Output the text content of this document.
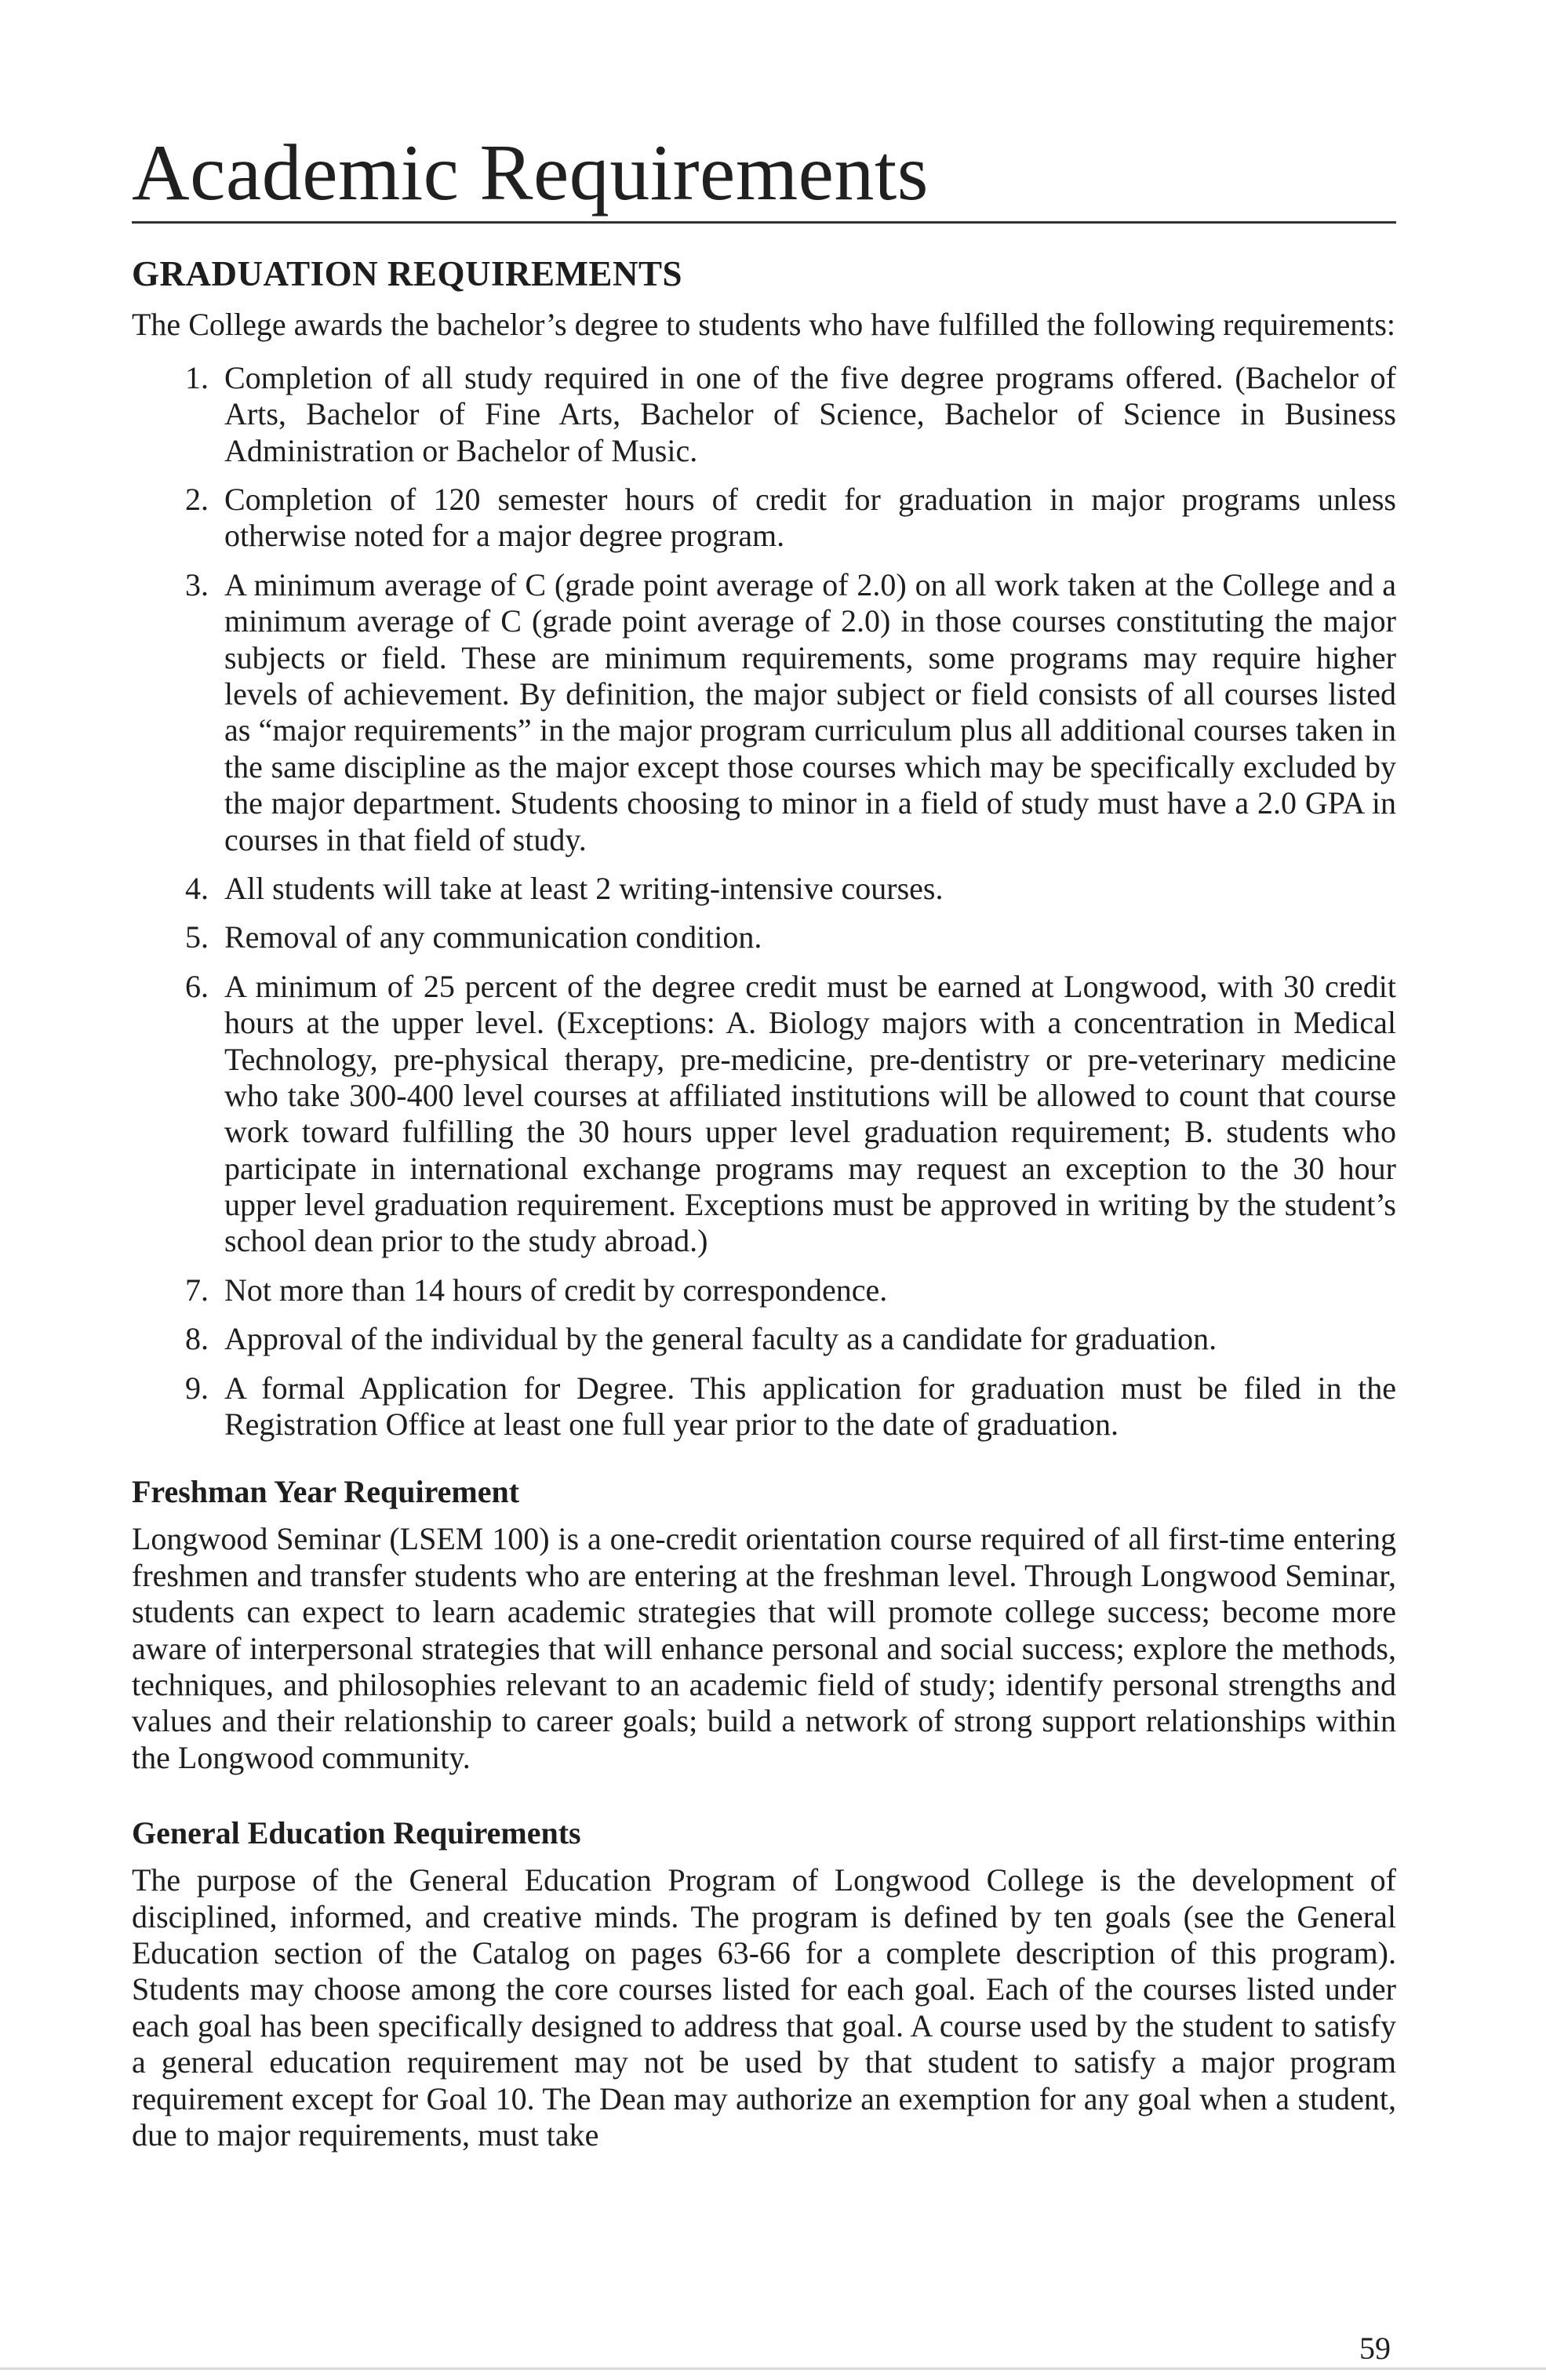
Academic Requirements
GRADUATION REQUIREMENTS

The College awards the bachelor’s degree to students who have fulfilled the following requirements:

1. Completion of all study required in one of the five degree programs offered. (Bachelor of Arts, Bachelor of Fine Arts, Bachelor of Science, Bachelor of Science in Business Administration or Bachelor of Music.
2. Completion of 120 semester hours of credit for graduation in major programs unless otherwise noted for a major degree program.
3. A minimum average of C (grade point average of 2.0) on all work taken at the College and a minimum average of C (grade point average of 2.0) in those courses constituting the major subjects or field. These are minimum requirements, some programs may require higher levels of achievement. By definition, the major subject or field consists of all courses listed as “major requirements” in the major program curriculum plus all additional courses taken in the same discipline as the major except those courses which may be specifically excluded by the major department. Students choosing to minor in a field of study must have a 2.0 GPA in courses in that field of study.
4. All students will take at least 2 writing-intensive courses.
5. Removal of any communication condition.
6. A minimum of 25 percent of the degree credit must be earned at Longwood, with 30 credit hours at the upper level. (Exceptions: A. Biology majors with a concentration in Medical Technology, pre-physical therapy, pre-medicine, pre-dentistry or pre-veterinary medicine who take 300-400 level courses at affiliated institutions will be allowed to count that course work toward fulfilling the 30 hours upper level graduation requirement; B. students who participate in international exchange programs may request an exception to the 30 hour upper level graduation requirement. Exceptions must be approved in writing by the student’s school dean prior to the study abroad.)
7. Not more than 14 hours of credit by correspondence.
8. Approval of the individual by the general faculty as a candidate for graduation.
9. A formal Application for Degree. This application for graduation must be filed in the Registration Office at least one full year prior to the date of graduation.
Freshman Year Requirement

Longwood Seminar (LSEM 100) is a one-credit orientation course required of all first-time entering freshmen and transfer students who are entering at the freshman level. Through Longwood Seminar, students can expect to learn academic strategies that will promote college success; become more aware of interpersonal strategies that will enhance personal and social success; explore the methods, techniques, and philosophies relevant to an academic field of study; identify personal strengths and values and their relationship to career goals; build a network of strong support relationships within the Longwood community.

General Education Requirements

The purpose of the General Education Program of Longwood College is the development of disciplined, informed, and creative minds. The program is defined by ten goals (see the General Education section of the Catalog on pages 63-66 for a complete description of this program). Students may choose among the core courses listed for each goal. Each of the courses listed under each goal has been specifically designed to address that goal. A course used by the student to satisfy a general education requirement may not be used by that student to satisfy a major program requirement except for Goal 10. The Dean may authorize an exemption for any goal when a student, due to major requirements, must take

59
